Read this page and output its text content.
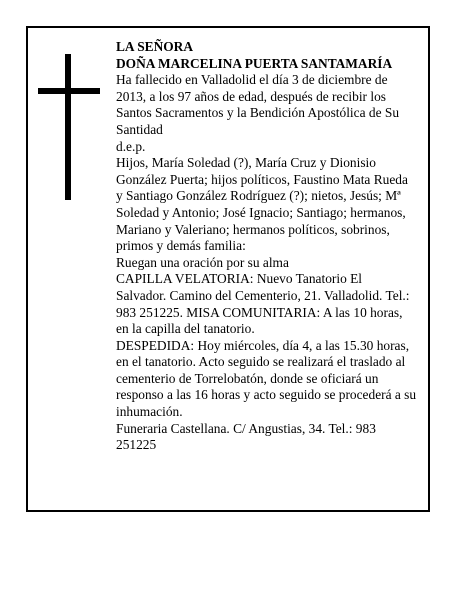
LA SEÑORA
DOÑA MARCELINA PUERTA SANTAMARÍA
Ha fallecido en Valladolid el día 3 de diciembre de
2013, a los 97 años de edad, después de recibir los
Santos Sacramentos y la Bendición Apostólica de Su
Santidad
d.e.p.
Hijos, María Soledad (?), María Cruz y Dionisio
González Puerta; hijos políticos, Faustino Mata Rueda
y Santiago González Rodríguez (?); nietos, Jesús; Mª
Soledad y Antonio; José Ignacio; Santiago; hermanos,
Mariano y Valeriano; hermanos políticos, sobrinos,
primos y demás familia:
Ruegan una oración por su alma
CAPILLA VELATORIA: Nuevo Tanatorio El
Salvador. Camino del Cementerio, 21. Valladolid. Tel.:
983 251225. MISA COMUNITARIA: A las 10 horas,
en la capilla del tanatorio.
DESPEDIDA: Hoy miércoles, día 4, a las 15.30 horas,
en el tanatorio. Acto seguido se realizará el traslado al
cementerio de Torrelobatón, donde se oficiará un
responso a las 16 horas y acto seguido se procederá a su
inhumación.
Funeraria Castellana. C/ Angustias, 34. Tel.: 983
251225
